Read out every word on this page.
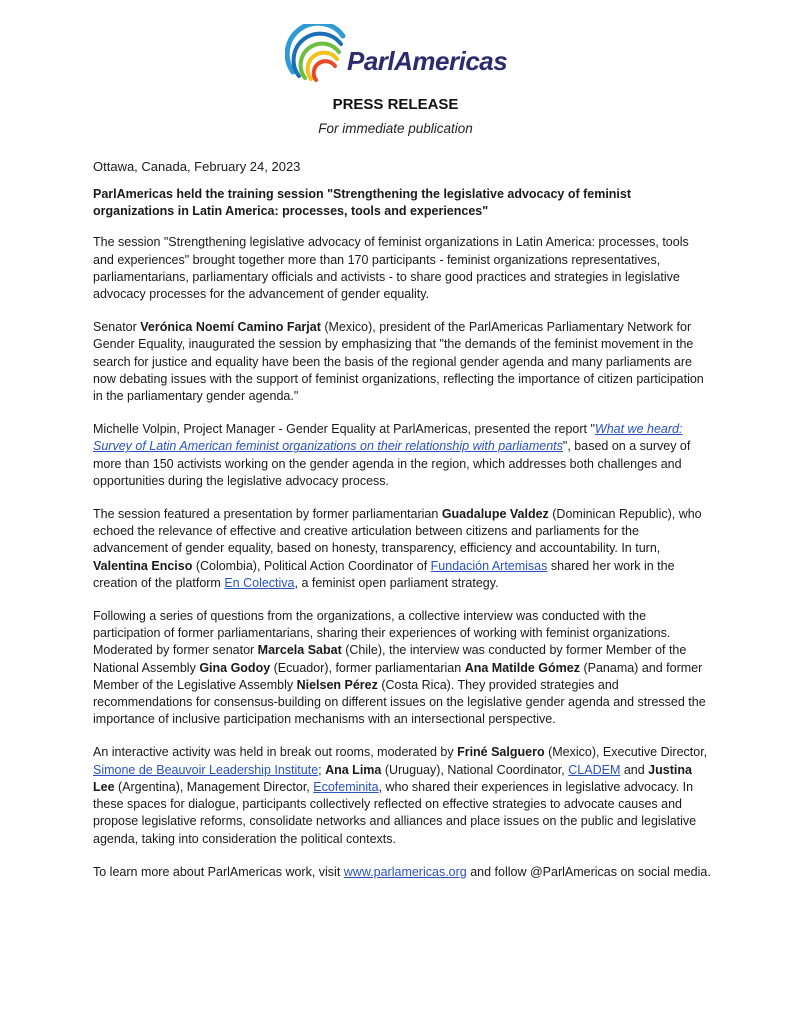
ParlAmericas
PRESS RELEASE
For immediate publication
Ottawa, Canada, February 24, 2023

ParlAmericas held the training session "Strengthening the legislative advocacy of feminist organizations in Latin America: processes, tools and experiences"

The session "Strengthening legislative advocacy of feminist organizations in Latin America: processes, tools and experiences" brought together more than 170 participants - feminist organizations representatives, parliamentarians, parliamentary officials and activists - to share good practices and strategies in legislative advocacy processes for the advancement of gender equality.

Senator Verónica Noemí Camino Farjat (Mexico), president of the ParlAmericas Parliamentary Network for Gender Equality, inaugurated the session by emphasizing that "the demands of the feminist movement in the search for justice and equality have been the basis of the regional gender agenda and many parliaments are now debating issues with the support of feminist organizations, reflecting the importance of citizen participation in the parliamentary gender agenda."

Michelle Volpin, Project Manager - Gender Equality at ParlAmericas, presented the report "What we heard: Survey of Latin American feminist organizations on their relationship with parliaments", based on a survey of more than 150 activists working on the gender agenda in the region, which addresses both challenges and opportunities during the legislative advocacy process.

The session featured a presentation by former parliamentarian Guadalupe Valdez (Dominican Republic), who echoed the relevance of effective and creative articulation between citizens and parliaments for the advancement of gender equality, based on honesty, transparency, efficiency and accountability. In turn, Valentina Enciso (Colombia), Political Action Coordinator of Fundación Artemisas shared her work in the creation of the platform En Colectiva, a feminist open parliament strategy.

Following a series of questions from the organizations, a collective interview was conducted with the participation of former parliamentarians, sharing their experiences of working with feminist organizations. Moderated by former senator Marcela Sabat (Chile), the interview was conducted by former Member of the National Assembly Gina Godoy (Ecuador), former parliamentarian Ana Matilde Gómez (Panama) and former Member of the Legislative Assembly Nielsen Pérez (Costa Rica). They provided strategies and recommendations for consensus-building on different issues on the legislative gender agenda and stressed the importance of inclusive participation mechanisms with an intersectional perspective.

An interactive activity was held in break out rooms, moderated by Friné Salguero (Mexico), Executive Director, Simone de Beauvoir Leadership Institute; Ana Lima (Uruguay), National Coordinator, CLADEM and Justina Lee (Argentina), Management Director, Ecofeminita, who shared their experiences in legislative advocacy. In these spaces for dialogue, participants collectively reflected on effective strategies to advocate causes and propose legislative reforms, consolidate networks and alliances and place issues on the public and legislative agenda, taking into consideration the political contexts.

To learn more about ParlAmericas work, visit www.parlamericas.org and follow @ParlAmericas on social media.
